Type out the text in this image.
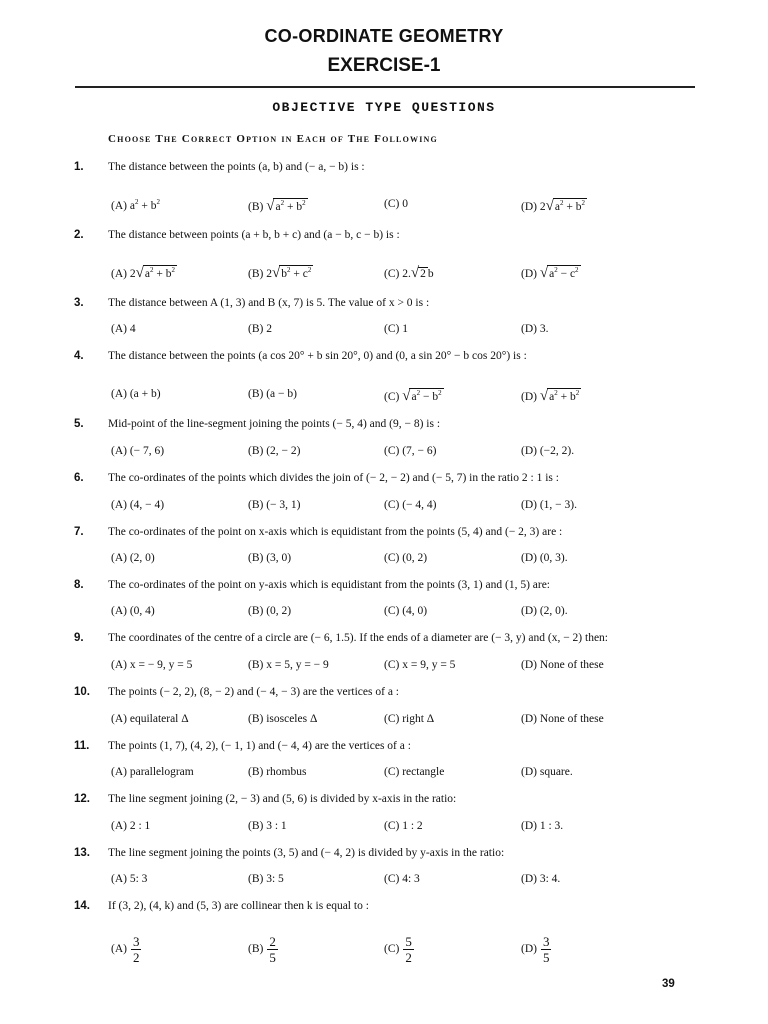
CO-ORDINATE GEOMETRY
EXERCISE-1
OBJECTIVE TYPE QUESTIONS
Choose The Correct Option in Each of The Following
1. The distance between the points (a, b) and (− a, − b) is :
(A) $a^2 + b^2$	(B) $√a^2 + b^2$	(C) 0	(D) $2√a^2 + b^2$
2. The distance between points (a + b, b + c) and (a − b, c − b) is :
(A) $2√a^2 + b^2$	(B) $2√b^2 + c^2$	(C) 2.√2 b	(D) $√a^2 - c^2$
3. The distance between A (1, 3) and B (x, 7) is 5. The value of x > 0 is :
(A) 4	(B) 2	(C) 1	(D) 3.
4. The distance between the points (a cos 20° + b sin 20°, 0) and (0, a sin 20° − b cos 20°) is :
(A) (a + b)	(B) (a − b)	(C) $√a^2 - b^2$	(D) $√a^2 + b^2$
5. Mid-point of the line-segment joining the points (− 5, 4) and (9, − 8) is :
(A) (− 7, 6)	(B) (2, − 2)	(C) (7, − 6)	(D) (−2, 2).
6. The co-ordinates of the points which divides the join of (− 2, − 2) and (− 5, 7) in the ratio 2 : 1 is :
(A) (4, − 4)	(B) (− 3, 1)	(C) (− 4, 4)	(D) (1, − 3).
7. The co-ordinates of the point on x-axis which is equidistant from the points (5, 4) and (− 2, 3) are :
(A) (2, 0)	(B) (3, 0)	(C) (0, 2)	(D) (0, 3).
8. The co-ordinates of the point on y-axis which is equidistant from the points (3, 1) and (1, 5) are:
(A) (0, 4)	(B) (0, 2)	(C) (4, 0)	(D) (2, 0).
9. The coordinates of the centre of a circle are (− 6, 1.5). If the ends of a diameter are (− 3, y) and (x, − 2) then:
(A) x = − 9, y = 5	(B) x = 5, y = − 9	(C) x = 9, y = 5	(D) None of these
10. The points (− 2, 2), (8, − 2) and (− 4, − 3) are the vertices of a :
(A) equilateral Δ	(B) isosceles Δ	(C) right Δ	(D) None of these
11. The points (1, 7), (4, 2), (− 1, 1) and (− 4, 4) are the vertices of a :
(A) parallelogram	(B) rhombus	(C) rectangle	(D) square.
12. The line segment joining (2, − 3) and (5, 6) is divided by x-axis in the ratio:
(A) 2 : 1	(B) 3 : 1	(C) 1 : 2	(D) 1 : 3.
13. The line segment joining the points (3, 5) and (− 4, 2) is divided by y-axis in the ratio:
(A) 5: 3	(B) 3: 5	(C) 4: 3	(D) 3: 4.
14. If (3, 2), (4, k) and (5, 3) are collinear then k is equal to :
$(A) \frac{3}{2}$	$(B) \frac{2}{5}$	$(C) \frac{5}{2}$	$(D) \frac{3}{5}$
39
